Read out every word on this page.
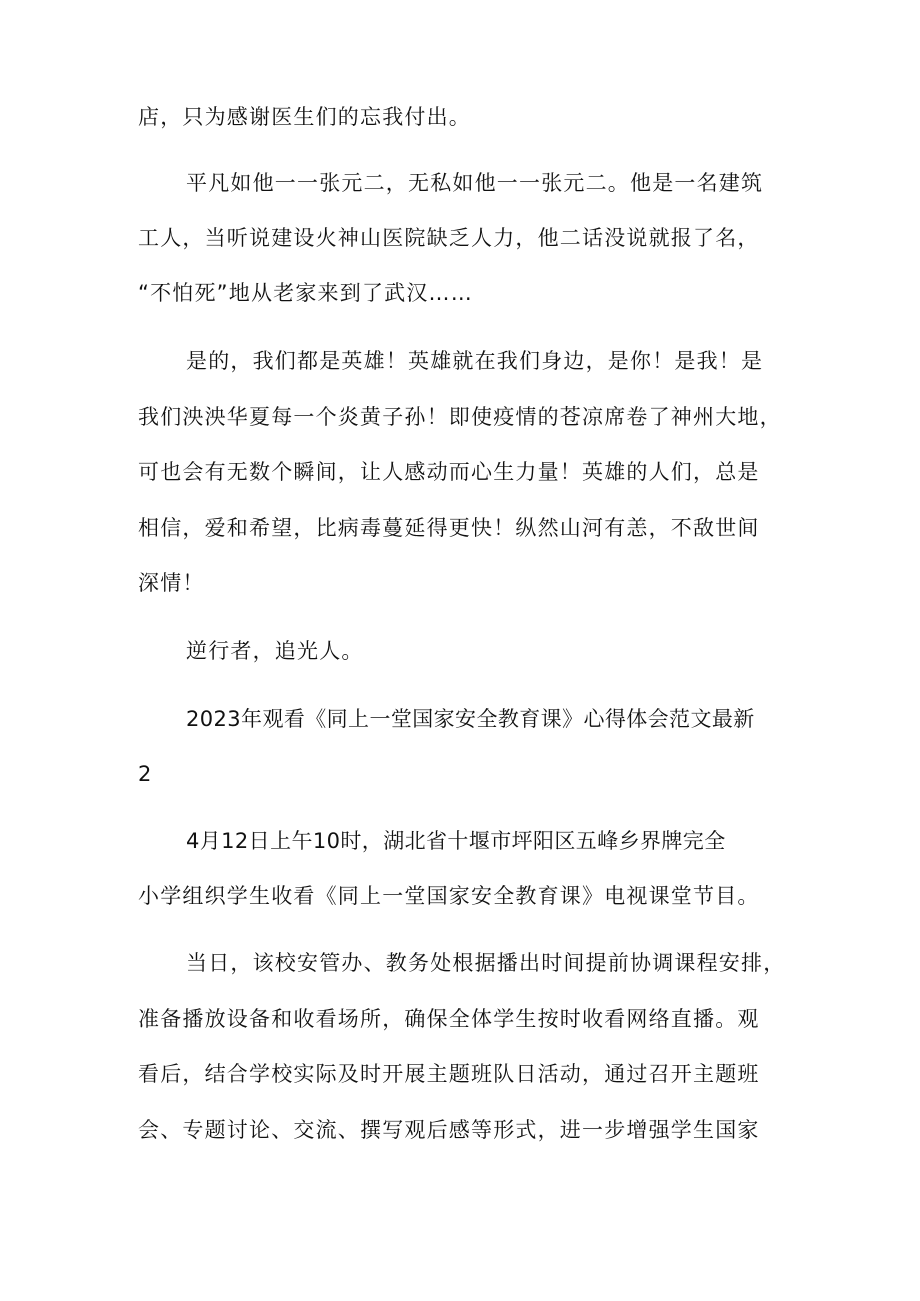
店，只为感谢医生们的忘我付出。

平凡如他一一张元二，无私如他一一张元二。他是一名建筑

工人，当听说建设火神山医院缺乏人力，他二话没说就报了名，

“不怕死”地从老家来到了武汉……

是的，我们都是英雄！英雄就在我们身边，是你！是我！是

我们泱泱华夏每一个炎黄子孙！即使疫情的苍凉席卷了神州大地，

可也会有无数个瞬间，让人感动而心生力量！英雄的人们，总是

相信，爱和希望，比病毒蔓延得更快！纵然山河有恙，不敌世间

深情！

逆行者，追光人。

2023年观看《同上一堂国家安全教育课》心得体会范文最新

2

4月12日上午10时，湖北省十堰市坪阳区五峰乡界牌完全

小学组织学生收看《同上一堂国家安全教育课》电视课堂节目。

当日，该校安管办、教务处根据播出时间提前协调课程安排，

准备播放设备和收看场所，确保全体学生按时收看网络直播。观

看后，结合学校实际及时开展主题班队日活动，通过召开主题班

会、专题讨论、交流、撰写观后感等形式，进一步增强学生国家
